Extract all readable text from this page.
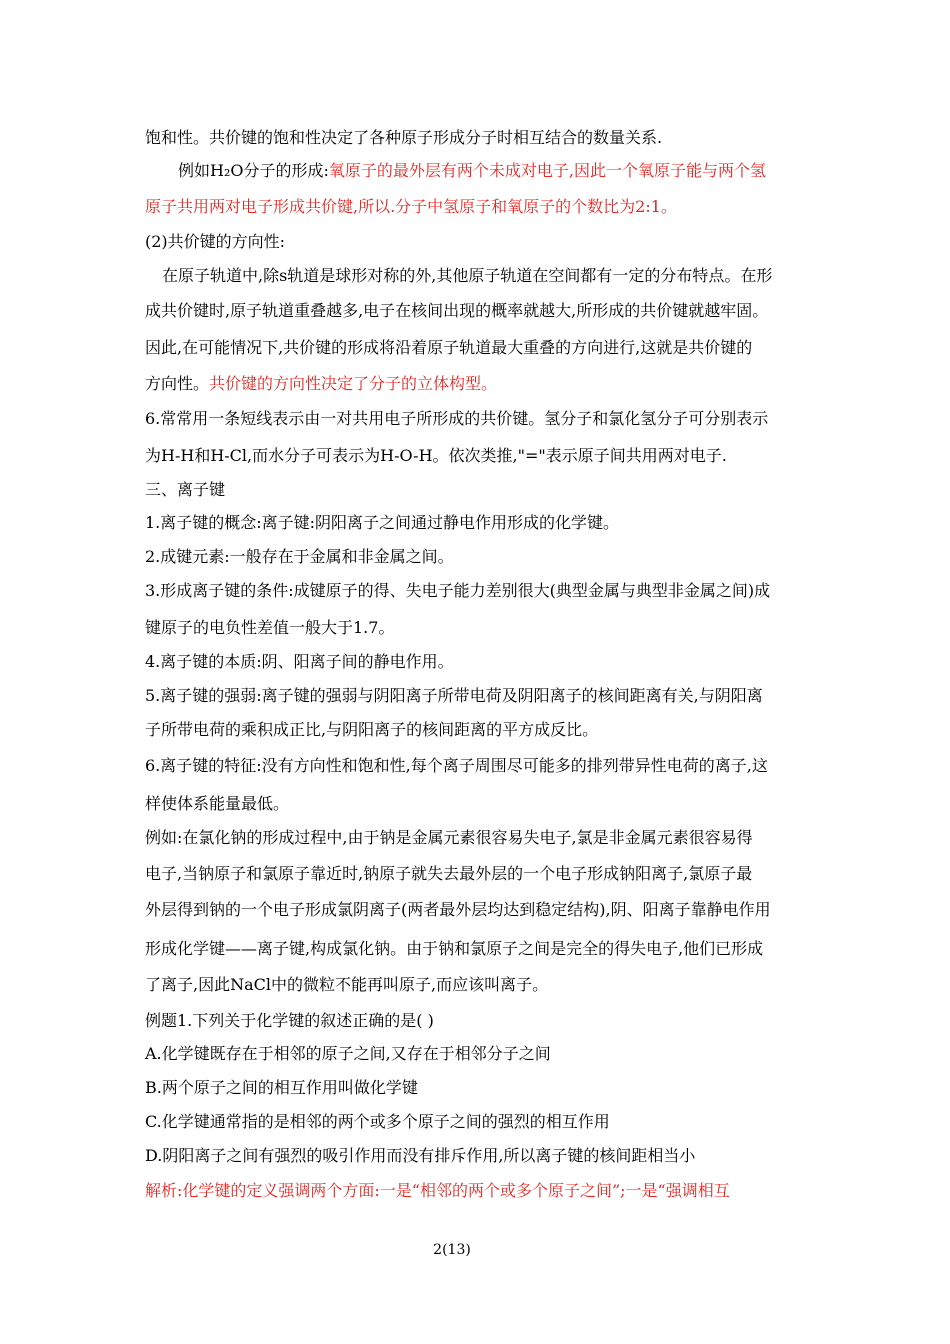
饱和性。共价键的饱和性决定了各种原子形成分子时相互结合的数量关系.
例如H₂O分子的形成:氧原子的最外层有两个未成对电子,因此一个氧原子能与两个氢
原子共用两对电子形成共价键,所以.分子中氢原子和氧原子的个数比为2:1。
(2)共价键的方向性:
在原子轨道中,除s轨道是球形对称的外,其他原子轨道在空间都有一定的分布特点。在形
成共价键时,原子轨道重叠越多,电子在核间出现的概率就越大,所形成的共价键就越牢固。
因此,在可能情况下,共价键的形成将沿着原子轨道最大重叠的方向进行,这就是共价键的
方向性。共价键的方向性决定了分子的立体构型。
6.常常用一条短线表示由一对共用电子所形成的共价键。氢分子和氯化氢分子可分别表示
为H-H和H-Cl,而水分子可表示为H-O-H。依次类推,"="表示原子间共用两对电子.
三、离子键
1.离子键的概念:离子键:阴阳离子之间通过静电作用形成的化学键。
2.成键元素:一般存在于金属和非金属之间。
3.形成离子键的条件:成键原子的得、失电子能力差别很大(典型金属与典型非金属之间)成
键原子的电负性差值一般大于1.7。
4.离子键的本质:阴、阳离子间的静电作用。
5.离子键的强弱:离子键的强弱与阴阳离子所带电荷及阴阳离子的核间距离有关,与阴阳离
子所带电荷的乘积成正比,与阴阳离子的核间距离的平方成反比。
6.离子键的特征:没有方向性和饱和性,每个离子周围尽可能多的排列带异性电荷的离子,这
样使体系能量最低。
例如:在氯化钠的形成过程中,由于钠是金属元素很容易失电子,氯是非金属元素很容易得
电子,当钠原子和氯原子靠近时,钠原子就失去最外层的一个电子形成钠阳离子,氯原子最
外层得到钠的一个电子形成氯阴离子(两者最外层均达到稳定结构),阴、阳离子靠静电作用
形成化学键——离子键,构成氯化钠。由于钠和氯原子之间是完全的得失电子,他们已形成
了离子,因此NaCl中的微粒不能再叫原子,而应该叫离子。
例题1.下列关于化学键的叙述正确的是( )
A.化学键既存在于相邻的原子之间,又存在于相邻分子之间
B.两个原子之间的相互作用叫做化学键
C.化学键通常指的是相邻的两个或多个原子之间的强烈的相互作用
D.阴阳离子之间有强烈的吸引作用而没有排斥作用,所以离子键的核间距相当小
解析:化学键的定义强调两个方面:一是“相邻的两个或多个原子之间”;一是“强调相互
2(13)
